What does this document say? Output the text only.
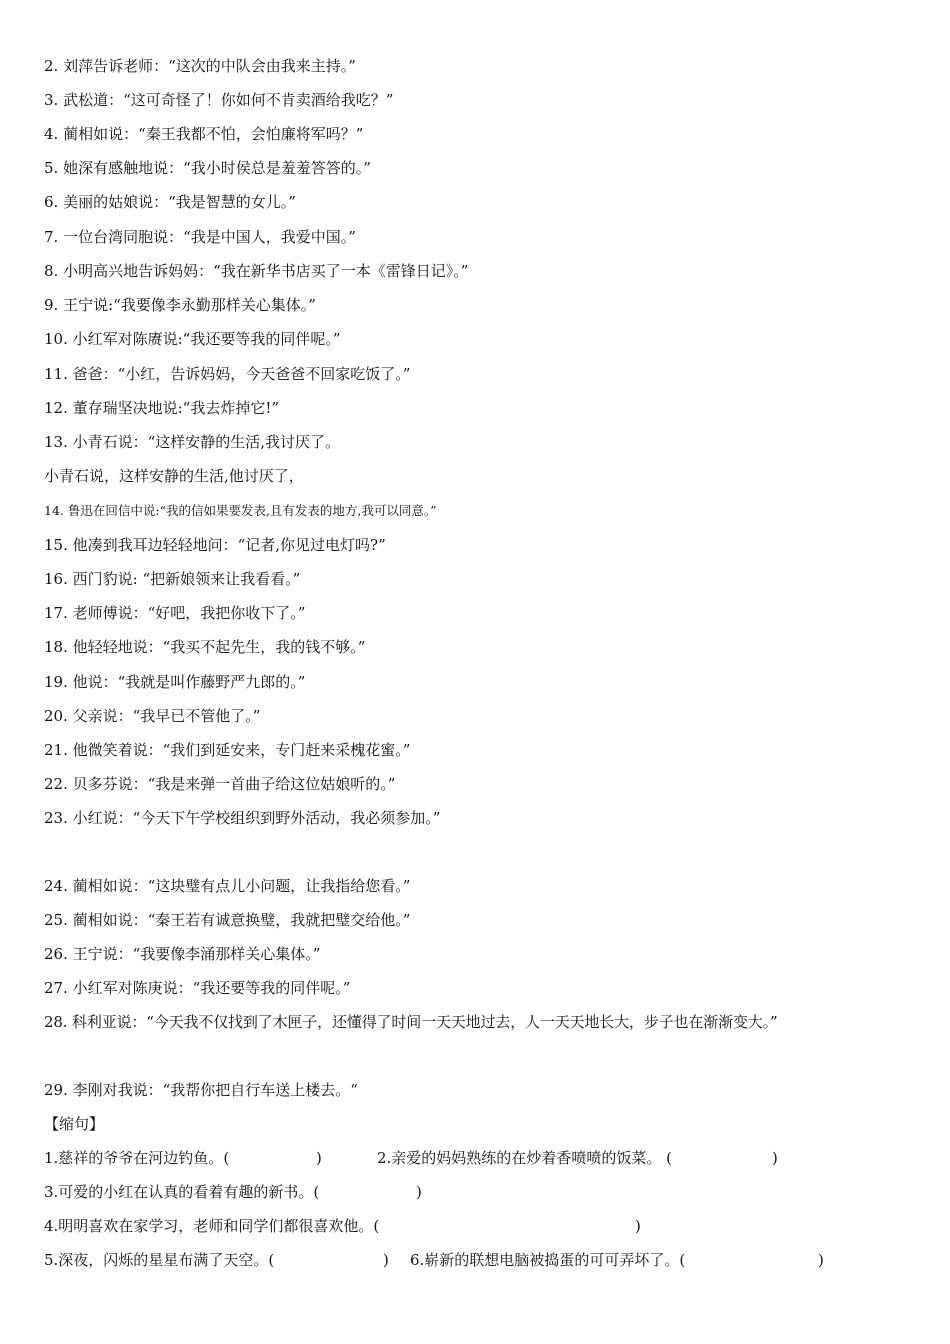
2. 刘萍告诉老师：“这次的中队会由我来主持。”
3. 武松道：“这可奇怪了！你如何不肯卖酒给我吃？”
4. 蔺相如说：“秦王我都不怕，会怕廉将军吗？”
5. 她深有感触地说：“我小时侯总是羞羞答答的。”
6. 美丽的姑娘说：“我是智慧的女儿。”
7. 一位台湾同胞说：“我是中国人，我爱中国。”
8. 小明高兴地告诉妈妈：“我在新华书店买了一本《雷锋日记》。”
9. 王宁说:“我要像李永勤那样关心集体。”
10. 小红军对陈赓说:“我还要等我的同伴呢。”
11. 爸爸：“小红，告诉妈妈，今天爸爸不回家吃饭了。”
12. 董存瑞坚决地说:“我去炸掉它!”
13. 小青石说：“这样安静的生活,我讨厌了。
小青石说，这样安静的生活,他讨厌了，
14. 鲁迅在回信中说:“我的信如果要发表,且有发表的地方,我可以同意。”
15. 他凑到我耳边轻轻地问：“记者,你见过电灯吗?”
16. 西门豹说: “把新娘领来让我看看。”
17. 老师傅说：“好吧，我把你收下了。”
18. 他轻轻地说：“我买不起先生，我的钱不够。”
19. 他说：“我就是叫作藤野严九郎的。”
20. 父亲说：“我早已不管他了。”
21. 他微笑着说：“我们到延安来，专门赶来采槐花蜜。”
22. 贝多芬说：“我是来弹一首曲子给这位姑娘听的。”
23. 小红说：“今天下午学校组织到野外活动，我必须参加。”
24. 蔺相如说：“这块璧有点儿小问题，让我指给您看。”
25. 蔺相如说：“秦王若有诚意换璧，我就把璧交给他。”
26. 王宁说：“我要像李涌那样关心集体。”
27. 小红军对陈庚说：“我还要等我的同伴呢。”
28. 科利亚说：“今天我不仅找到了木匣子，还懂得了时间一天天地过去，人一天天地长大，步子也在渐渐变大。”
29. 李刚对我说：“我帮你把自行车送上楼去。“
【缩句】
1.慈祥的爷爷在河边钓鱼。(	)	2.亲爱的妈妈熟练的在炒着香喷喷的饭菜。 (	)
3.可爱的小红在认真的看着有趣的新书。(	)
4.明明喜欢在家学习，老师和同学们都很喜欢他。(	)
5.深夜，闪烁的星星布满了天空。(	) 6.崭新的联想电脑被捣蛋的可可弄坏了。(	)
